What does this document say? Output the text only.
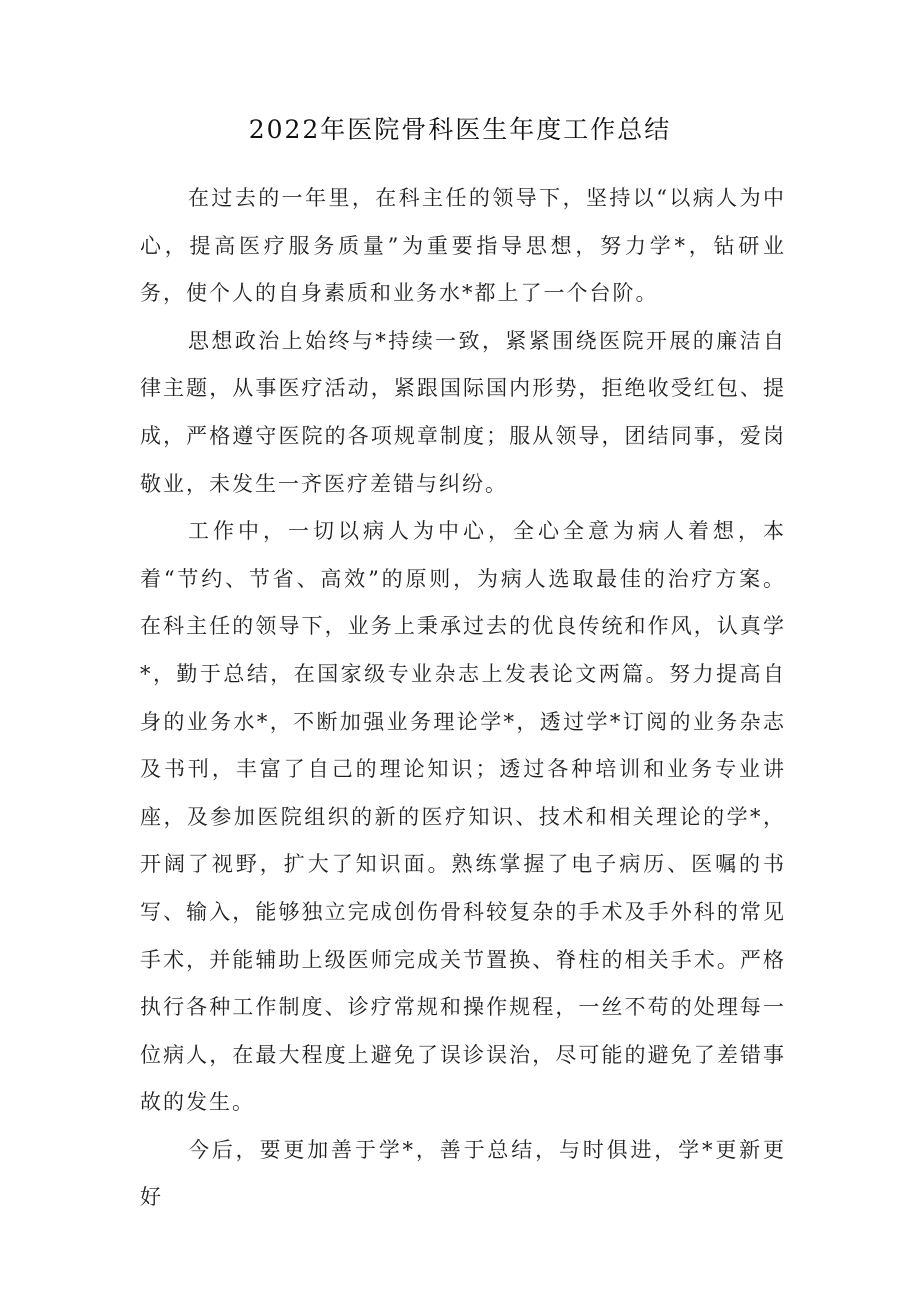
2022年医院骨科医生年度工作总结

在过去的一年里，在科主任的领导下，坚持以“以病人为中心，提高医疗服务质量”为重要指导思想，努力学*，钻研业务，使个人的自身素质和业务水*都上了一个台阶。

思想政治上始终与*持续一致，紧紧围绕医院开展的廉洁自律主题，从事医疗活动，紧跟国际国内形势，拒绝收受红包、提成，严格遵守医院的各项规章制度；服从领导，团结同事，爱岗敬业，未发生一齐医疗差错与纠纷。

工作中，一切以病人为中心，全心全意为病人着想，本着“节约、节省、高效”的原则，为病人选取最佳的治疗方案。在科主任的领导下，业务上秉承过去的优良传统和作风，认真学*，勤于总结，在国家级专业杂志上发表论文两篇。努力提高自身的业务水*，不断加强业务理论学*，透过学*订阅的业务杂志及书刊，丰富了自己的理论知识；透过各种培训和业务专业讲座，及参加医院组织的新的医疗知识、技术和相关理论的学*，开阔了视野，扩大了知识面。熟练掌握了电子病历、医嘱的书写、输入，能够独立完成创伤骨科较复杂的手术及手外科的常见手术，并能辅助上级医师完成关节置换、脊柱的相关手术。严格执行各种工作制度、诊疗常规和操作规程，一丝不苟的处理每一位病人，在最大程度上避免了误诊误治，尽可能的避免了差错事故的发生。

今后，要更加善于学*，善于总结，与时俱进，学*更新更好
